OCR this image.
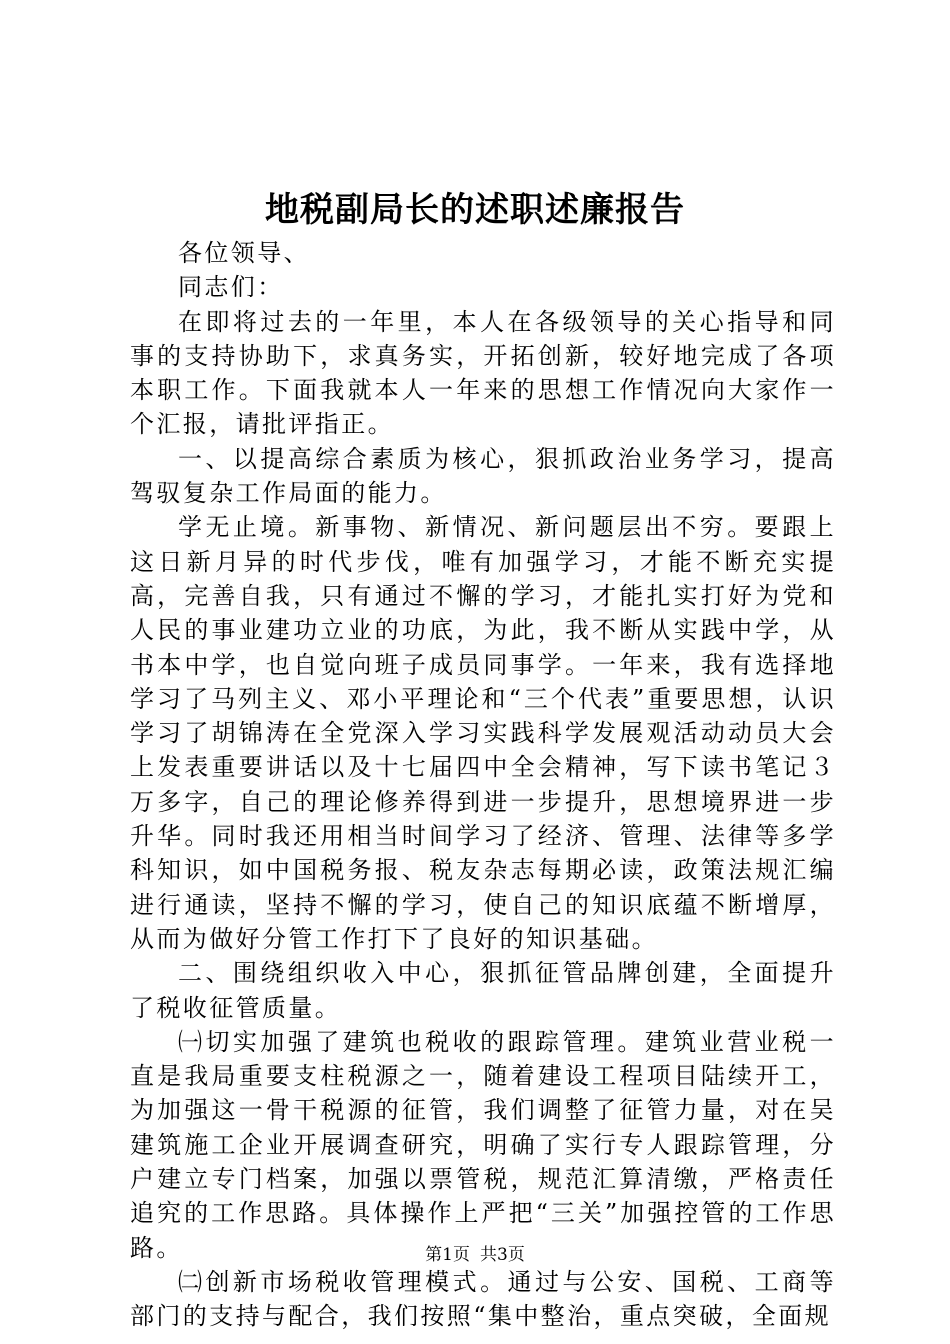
地税副局长的述职述廉报告

各位领导、

同志们：

在即将过去的一年里，本人在各级领导的关心指导和同事的支持协助下，求真务实，开拓创新，较好地完成了各项本职工作。下面我就本人一年来的思想工作情况向大家作一个汇报，请批评指正。

一、以提高综合素质为核心，狠抓政治业务学习，提高驾驭复杂工作局面的能力。

学无止境。新事物、新情况、新问题层出不穷。要跟上这日新月异的时代步伐，唯有加强学习，才能不断充实提高，完善自我，只有通过不懈的学习，才能扎实打好为党和人民的事业建功立业的功底，为此，我不断从实践中学，从书本中学，也自觉向班子成员同事学。一年来，我有选择地学习了马列主义、邓小平理论和“三个代表”重要思想，认识学习了胡锦涛在全党深入学习实践科学发展观活动动员大会上发表重要讲话以及十七届四中全会精神，写下读书笔记３万多字，自己的理论修养得到进一步提升，思想境界进一步升华。同时我还用相当时间学习了经济、管理、法律等多学科知识，如中国税务报、税友杂志每期必读，政策法规汇编进行通读，坚持不懈的学习，使自己的知识底蕴不断增厚，从而为做好分管工作打下了良好的知识基础。

二、围绕组织收入中心，狠抓征管品牌创建，全面提升了税收征管质量。

㈠切实加强了建筑也税收的跟踪管理。建筑业营业税一直是我局重要支柱税源之一，随着建设工程项目陆续开工，为加强这一骨干税源的征管，我们调整了征管力量，对在吴建筑施工企业开展调查研究，明确了实行专人跟踪管理，分户建立专门档案，加强以票管税，规范汇算清缴，严格责任追究的工作思路。具体操作上严把“三关”加强控管的工作思路。

㈡创新市场税收管理模式。通过与公安、国税、工商等部门的支持与配合，我们按照“集中整治，重点突破，全面规

第1页 共3页
